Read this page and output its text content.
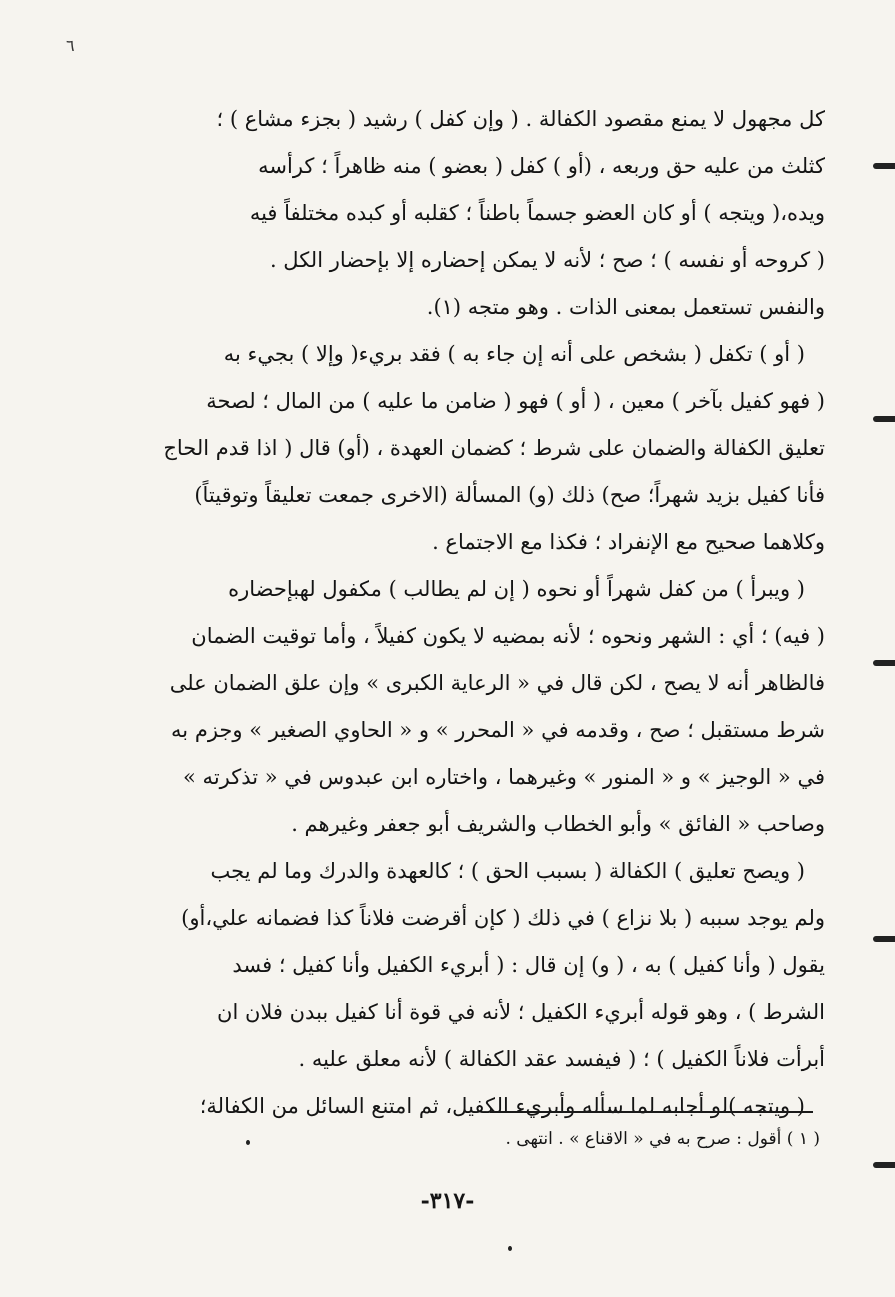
٦
كل مجهول لا يمنع مقصود الكفالة . ( وإن كفل ) رشيد ( بجزء مشاع ) ؛
كثلث من عليه حق وربعه ، (أو ) كفل ( بعضو ) منه ظاهراً ؛ كرأسه
ويده،( ويتجه ) أو كان العضو جسماً باطناً ؛ كقلبه أو كبده مختلفاً فيه
( كروحه أو نفسه ) ؛ صح ؛ لأنه لا يمكن إحضاره إلا بإحضار الكل .
والنفس تستعمل بمعنى الذات . وهو متجه (١).
( أو ) تكفل ( بشخص على أنه إن جاء به ) فقد بريء( وإلا ) بجيء به
( فهو كفيل بآخر ) معين ، ( أو ) فهو ( ضامن ما عليه ) من المال ؛ لصحة
تعليق الكفالة والضمان على شرط ؛ كضمان العهدة ، (أو) قال ( اذا قدم الحاج
فأنا كفيل بزيد شهراً؛ صح) ذلك (و) المسألة (الاخرى جمعت تعليقاً وتوقيتاً)
وكلاهما صحيح مع الإنفراد ؛ فكذا مع الاجتماع .
( ويبرأ ) من كفل شهراً أو نحوه ( إن لم يطالب ) مكفول لهبإحضاره
( فيه) ؛ أي : الشهر ونحوه ؛ لأنه بمضيه لا يكون كفيلاً ، وأما توقيت الضمان
فالظاهر أنه لا يصح ، لكن قال في « الرعاية الكبرى » وإن علق الضمان على
شرط مستقبل ؛ صح ، وقدمه في « المحرر » و « الحاوي الصغير » وجزم به
في « الوجيز » و « المنور » وغيرهما ، واختاره ابن عبدوس في « تذكرته »
وصاحب « الفائق » وأبو الخطاب والشريف أبو جعفر وغيرهم .
( ويصح تعليق ) الكفالة ( بسبب الحق ) ؛ كالعهدة والدرك وما لم يجب
ولم يوجد سببه ( بلا نزاع ) في ذلك ( كإن أقرضت فلاناً كذا فضمانه علي،أو)
يقول ( وأنا كفيل ) به ، ( و) إن قال : ( أبريء الكفيل وأنا كفيل ؛ فسد
الشرط ) ، وهو قوله أبريء الكفيل ؛ لأنه في قوة أنا كفيل ببدن فلان ان
أبرأت فلاناً الكفيل ) ؛ ( فيفسد عقد الكفالة ) لأنه معلق عليه .
( ويتجه )لو أجابه لما سأله وأبريء الكفيل، ثم امتنع السائل من الكفالة؛
( ١ ) أقول : صرح به في « الاقناع » . انتهى .
-٣١٧-
